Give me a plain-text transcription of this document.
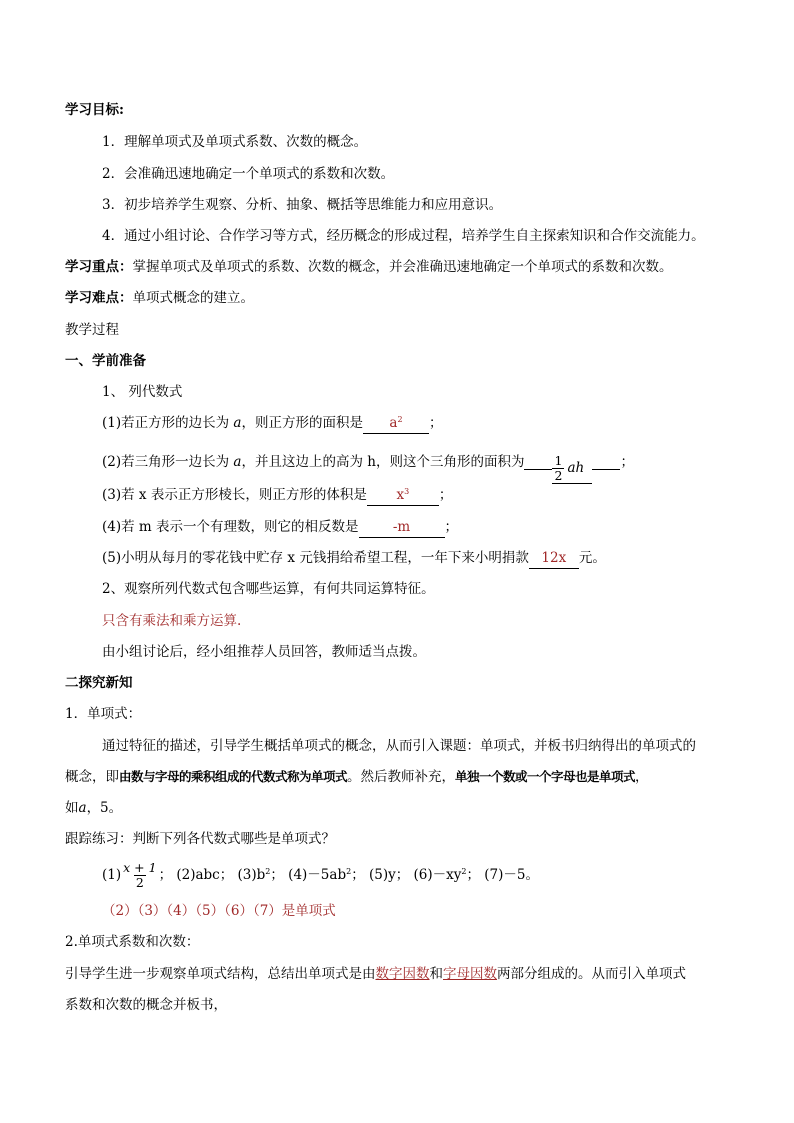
学习目标:
1．理解单项式及单项式系数、次数的概念。
2．会准确迅速地确定一个单项式的系数和次数。
3．初步培养学生观察、分析、抽象、概括等思维能力和应用意识。
4．通过小组讨论、合作学习等方式，经历概念的形成过程，培养学生自主探索知识和合作交流能力。
学习重点：掌握单项式及单项式的系数、次数的概念，并会准确迅速地确定一个单项式的系数和次数。
学习难点：单项式概念的建立。
教学过程
一、学前准备
1、 列代数式
(1)若正方形的边长为 a，则正方形的面积是 $a^2$ ；
(2)若三角形一边长为 a，并且这边上的高为 h，则这个三角形的面积为 $\frac{1}{2}$ ah	；
(3)若 x 表示正方形棱长，则正方形的体积是 $x^3$ ；
(4)若 m 表示一个有理数，则它的相反数是	-m	；
(5)小明从每月的零花钱中贮存 x 元钱捐给希望工程，一年下来小明捐款 12x 元。
2、观察所列代数式包含哪些运算，有何共同运算特征。
只含有乘法和乘方运算.
由小组讨论后，经小组推荐人员回答，教师适当点拨。
二探究新知
1．单项式：
通过特征的描述，引导学生概括单项式的概念，从而引入课题：单项式，并板书归纳得出的单项式的
概念，即由数与字母的乘积组成的代数式称为单项式。然后教师补充，单独一个数或一个字母也是单项式，
如a，5。
跟踪练习：判断下列各代数式哪些是单项式？
$(1) \frac{x + 1}{2}$ ； (2)abc； $(3)b^2$； $(4)-5ab^2$； (5)y； $(6)-xy^2$； (7)－5。
（2）（3）（4）（5）（6）（7）是单项式
2.单项式系数和次数：
引导学生进一步观察单项式结构，总结出单项式是由数字因数和字母因数两部分组成的。从而引入单项式
系数和次数的概念并板书，
